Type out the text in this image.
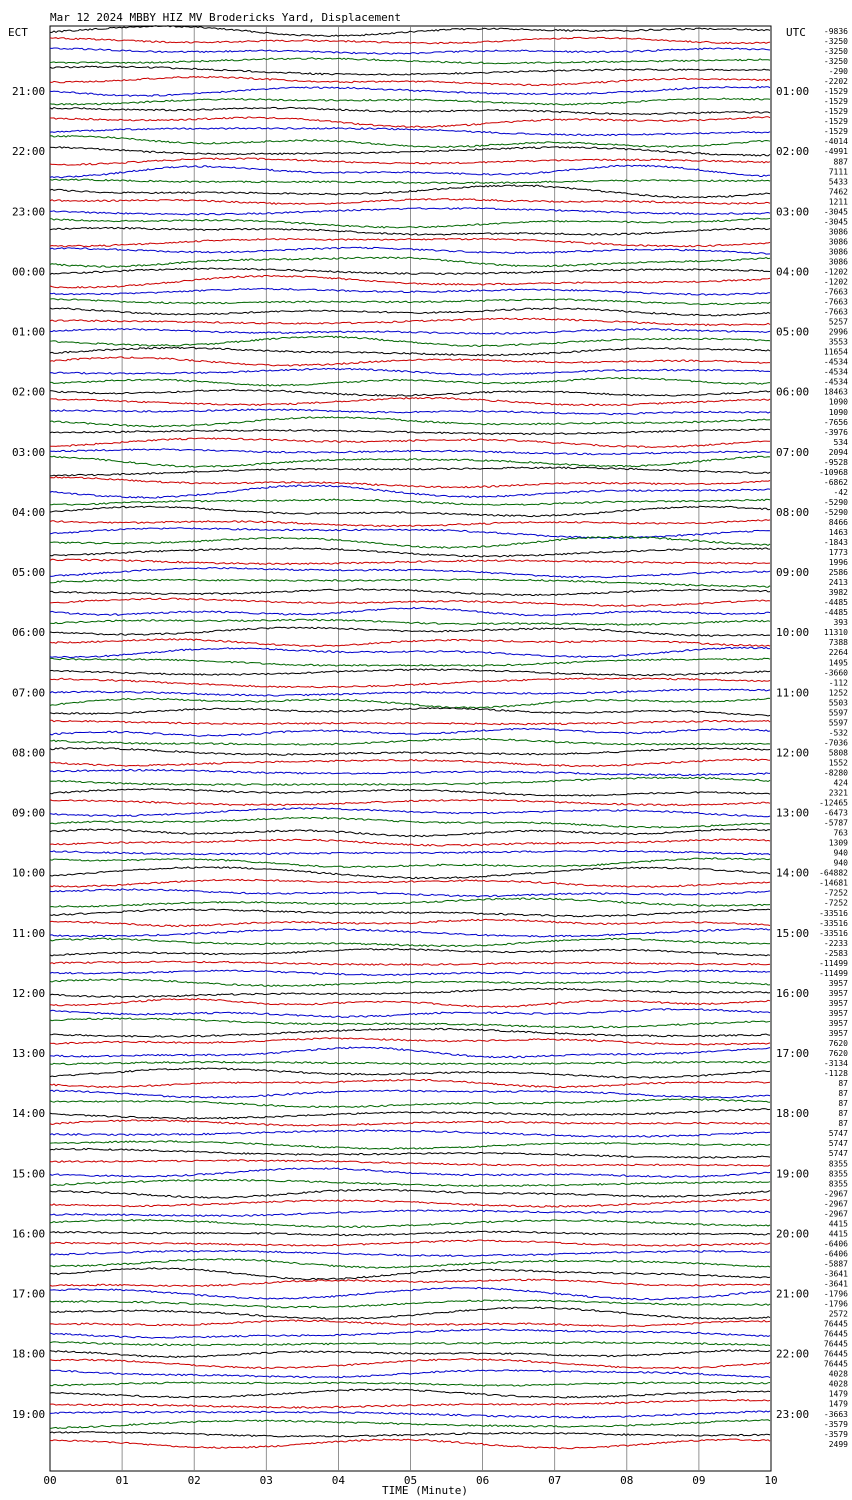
Mar 12 2024 MBBY HIZ MV Brodericks Yard, Displacement
ECT	UTC
21:00
22:00
23:00
00:00
01:00
02:00
03:00
04:00
05:00
06:00
07:00
08:00
09:00
10:00
11:00
12:00
13:00
14:00
15:00
16:00
17:00
18:00
19:00
01:00
02:00
03:00
04:00
05:00
06:00
07:00
08:00
09:00
10:00
11:00
12:00
13:00
14:00
15:00
16:00
17:00
18:00
19:00
20:00
21:00
22:00
23:00
-9836
-3250
-3250
-3250
-290
-2202
-1529
-1529
-1529
-1529
-1529
-4014
-4991
887
7111
5433
7462
1211
-3045
-3045
3086
3086
3086
3086
-1202
-1202
-7663
-7663
-7663
5257
2996
3553
11654
-4534
-4534
-4534
18463
1090
1090
-7656
-3976
534
2094
-9528
-10968
-6862
-42
-5290
-5290
8466
1463
-1843
1773
1996
2586
2413
3982
-4485
-4485
393
11310
7388
2264
1495
-3660
-112
1252
5503
5597
5597
-532
-7036
5808
1552
-8280
424
2321
-12465
-6473
-5787
763
1309
940
940
-64882
-14681
-7252
-7252
-33516
-33516
-33516
-2233
-2583
-11499
-11499
3957
3957
3957
3957
3957
3957
7620
7620
-3134
-1128
87
87
87
87
87
5747
5747
5747
8355
8355
8355
-2967
-2967
-2967
4415
4415
-6406
-6406
-5887
-3641
-3641
-1796
-1796
2572
76445
76445
76445
76445
76445
4028
4028
1479
1479
-3663
-3579
-3579
2499
00	01	02	03	04	05	06	07	08	09	10
TIME (Minute)
